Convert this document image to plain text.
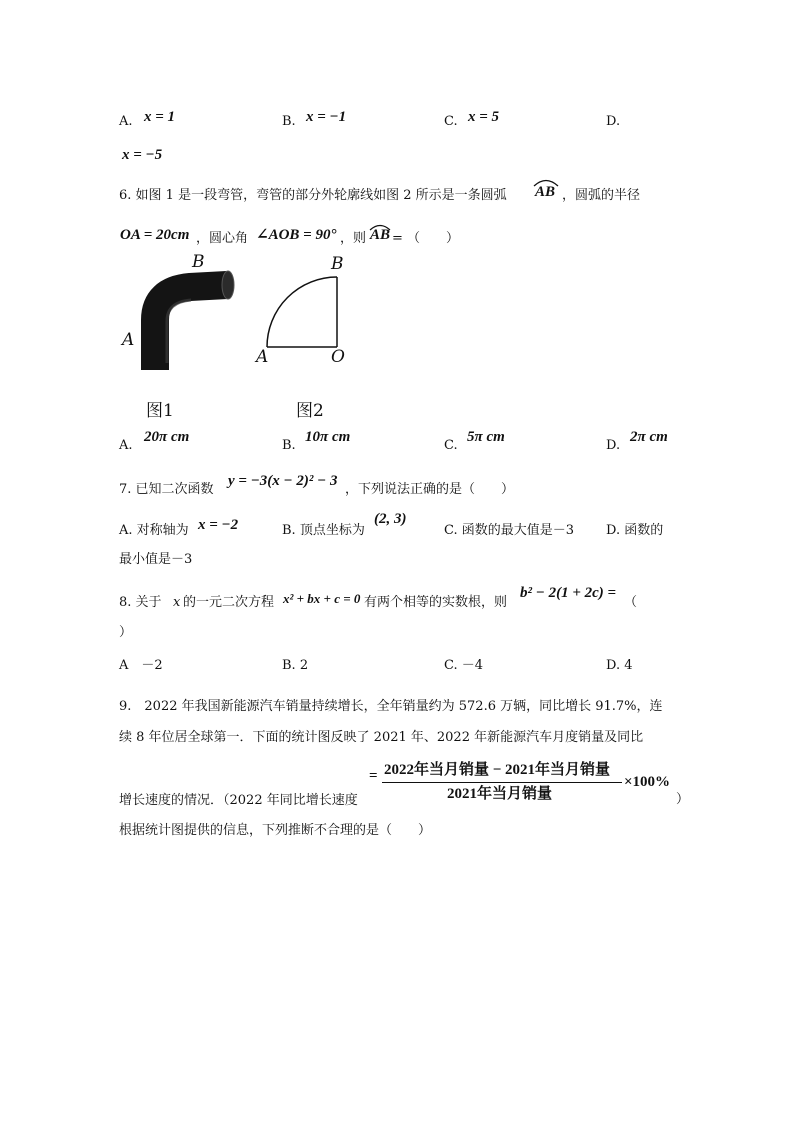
A. x = 1	B. x = −1	C. x = 5	D.
x = −5
6. 如图 1 是一段弯管，弯管的部分外轮廓线如图 2 所示是一条圆弧 AB ，圆弧的半径
OA = 20cm ，圆心角 ∠AOB = 90° ，则 AB = （　　）
B
A
图1
B
A	O
图2
A.
20π cm
B.
10π cm
C.
5π cm
D.
2π cm
7. 已知二次函数
y = −3(x − 2)² − 3
，下列说法正确的是（　　）
A. 对称轴为 x = −2	B. 顶点坐标为
(2, 3)
C. 函数的最大值是－3 D. 函数的
最小值是－3
8. 关于 x 的一元二次方程 x² + bx + c = 0 有两个相等的实数根，则
b² − 2(1 + 2c) =
（
）
A　－2	B. 2	C. －4	D. 4
9.　2022 年我国新能源汽车销量持续增长，全年销量约为 572.6 万辆，同比增长 91.7%，连
续 8 年位居全球第一．下面的统计图反映了 2021 年、2022 年新能源汽车月度销量及同比
增长速度的情况．（2022 年同比增长速度
= 2022年当月销量 − 2021年当月销量
2021年当月销量
×100%
）
根据统计图提供的信息，下列推断不合理的是（　　）
